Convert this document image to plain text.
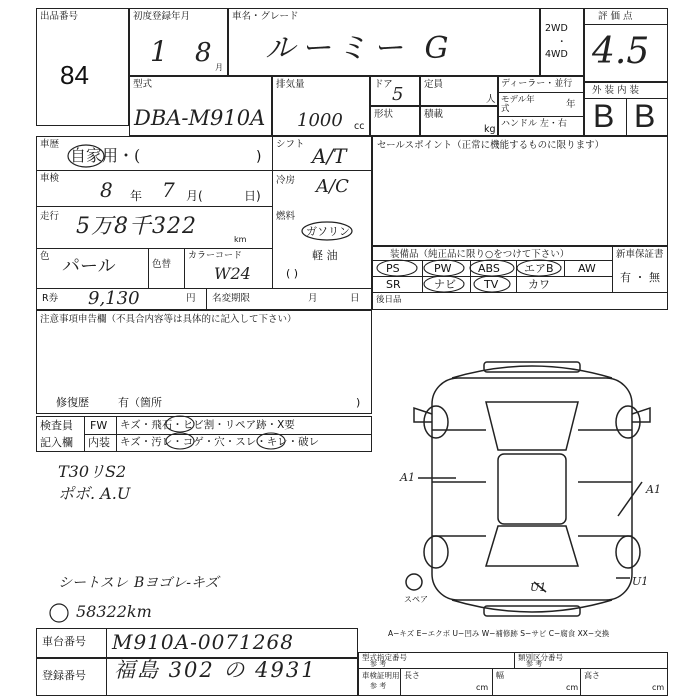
出品番号
84
初度登録年月
1 8 月
車名・グレード
ルーミー G
2WD
・
4WD
評 価 点
4.5
外 装 内 装
B B
型式
DBA-M910A
排気量
1000 cc
ドア 5
形状
定員
人
積載
kg
ディーラー・並行
モデル年式	年
ハンドル 左・右
車歴
自家用・(	)
シフト A/T
車検 8 年 7 月(	日)
冷房 A/C
走行 5万8千322
km
燃料
ガソリン
軽 油
( )
色 パール	色替
カラーコード
W24
R券 9,130	円 名変期限	月	日
セールスポイント（正常に機能するものに限ります）
装備品（純正品に限り○をつけて下さい）	新車保証書
有 ・ 無
PS	PW ABS エアB AW
SR	ナビ	TV	カワ
後日品
注意事項申告欄（不具合内容等は具体的に記入して下さい）
修復歴	有（箇所	)
検査員
記入欄
FW キズ・飛石・ヒビ割・リペア跡・X要
内装 キズ・汚レ・コゲ・穴・スレ・キレ・破レ
T30リS2
ポボ. A.U
シートスレ Bヨゴレ-キズ
58322km
A1
A1
U1	U1
スペア
A−キズ E−エクボ U−凹み W−補修跡 S−サビ C−腐食 XX−交換
車台番号 M910A-0071268
登録番号 福島 302 の 4931
型式指定番号
参 考
類別区分番号
参 考
車検証明用
参 考
長さ
cm
幅
cm
高さ
cm
